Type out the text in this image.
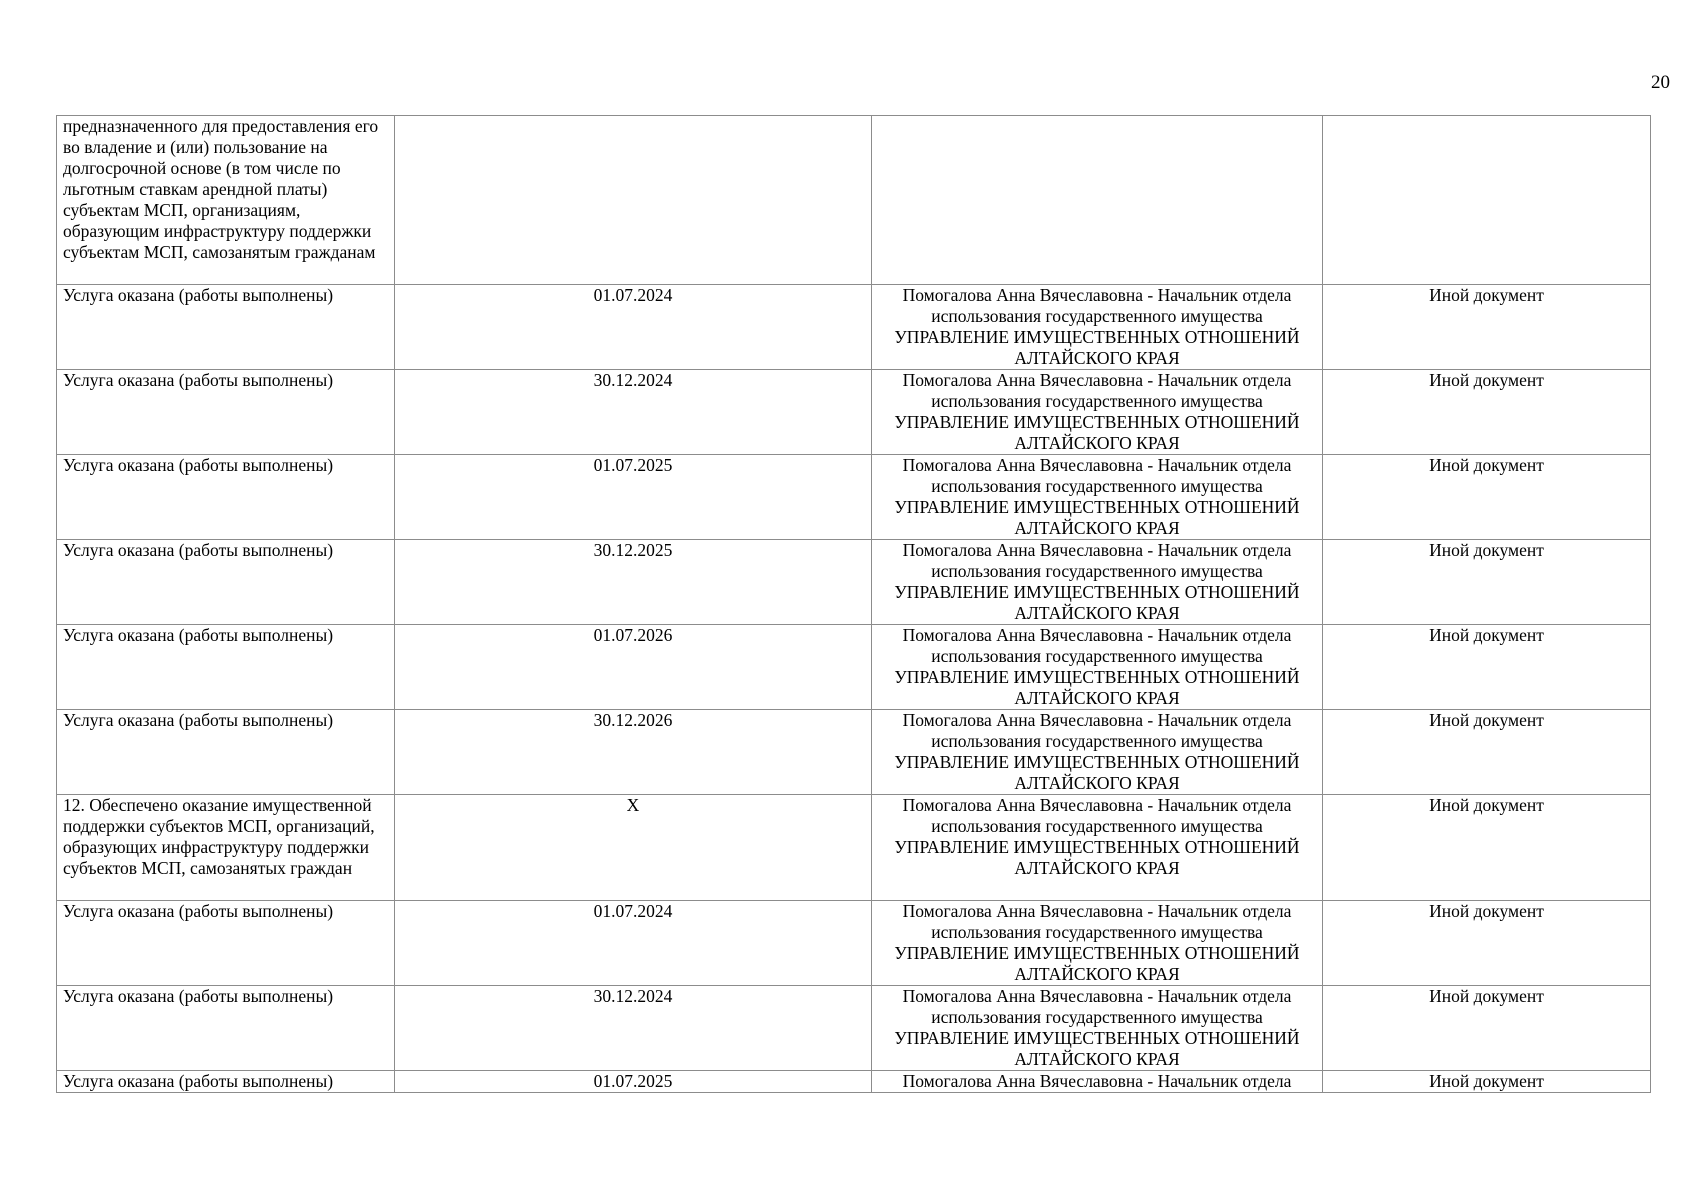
20
предназначенного для предоставления его во владение и (или) пользование на долгосрочной основе (в том числе по льготным ставкам арендной платы) субъектам МСП, организациям, образующим инфраструктуру поддержки субъектам МСП, самозанятым гражданам		

Услуга оказана (работы выполнены)	01.07.2024	Помогалова Анна Вячеславовна - Начальник отдела
использования государственного имущества
УПРАВЛЕНИЕ ИМУЩЕСТВЕННЫХ ОТНОШЕНИЙ
АЛТАЙСКОГО КРАЯ	Иной документ
Услуга оказана (работы выполнены)	30.12.2024	Помогалова Анна Вячеславовна - Начальник отдела
использования государственного имущества
УПРАВЛЕНИЕ ИМУЩЕСТВЕННЫХ ОТНОШЕНИЙ
АЛТАЙСКОГО КРАЯ	Иной документ
Услуга оказана (работы выполнены)	01.07.2025	Помогалова Анна Вячеславовна - Начальник отдела
использования государственного имущества
УПРАВЛЕНИЕ ИМУЩЕСТВЕННЫХ ОТНОШЕНИЙ
АЛТАЙСКОГО КРАЯ	Иной документ
Услуга оказана (работы выполнены)	30.12.2025	Помогалова Анна Вячеславовна - Начальник отдела
использования государственного имущества
УПРАВЛЕНИЕ ИМУЩЕСТВЕННЫХ ОТНОШЕНИЙ
АЛТАЙСКОГО КРАЯ	Иной документ
Услуга оказана (работы выполнены)	01.07.2026	Помогалова Анна Вячеславовна - Начальник отдела
использования государственного имущества
УПРАВЛЕНИЕ ИМУЩЕСТВЕННЫХ ОТНОШЕНИЙ
АЛТАЙСКОГО КРАЯ	Иной документ
Услуга оказана (работы выполнены)	30.12.2026	Помогалова Анна Вячеславовна - Начальник отдела
использования государственного имущества
УПРАВЛЕНИЕ ИМУЩЕСТВЕННЫХ ОТНОШЕНИЙ
АЛТАЙСКОГО КРАЯ	Иной документ
12. Обеспечено оказание имущественной поддержки субъектов МСП, организаций, образующих инфраструктуру поддержки субъектов МСП, самозанятых граждан	X	Помогалова Анна Вячеславовна - Начальник отдела
использования государственного имущества
УПРАВЛЕНИЕ ИМУЩЕСТВЕННЫХ ОТНОШЕНИЙ
АЛТАЙСКОГО КРАЯ	Иной документ
Услуга оказана (работы выполнены)	01.07.2024	Помогалова Анна Вячеславовна - Начальник отдела
использования государственного имущества
УПРАВЛЕНИЕ ИМУЩЕСТВЕННЫХ ОТНОШЕНИЙ
АЛТАЙСКОГО КРАЯ	Иной документ
Услуга оказана (работы выполнены)	30.12.2024	Помогалова Анна Вячеславовна - Начальник отдела
использования государственного имущества
УПРАВЛЕНИЕ ИМУЩЕСТВЕННЫХ ОТНОШЕНИЙ
АЛТАЙСКОГО КРАЯ	Иной документ
Услуга оказана (работы выполнены)	01.07.2025	Помогалова Анна Вячеславовна - Начальник отдела	Иной документ
